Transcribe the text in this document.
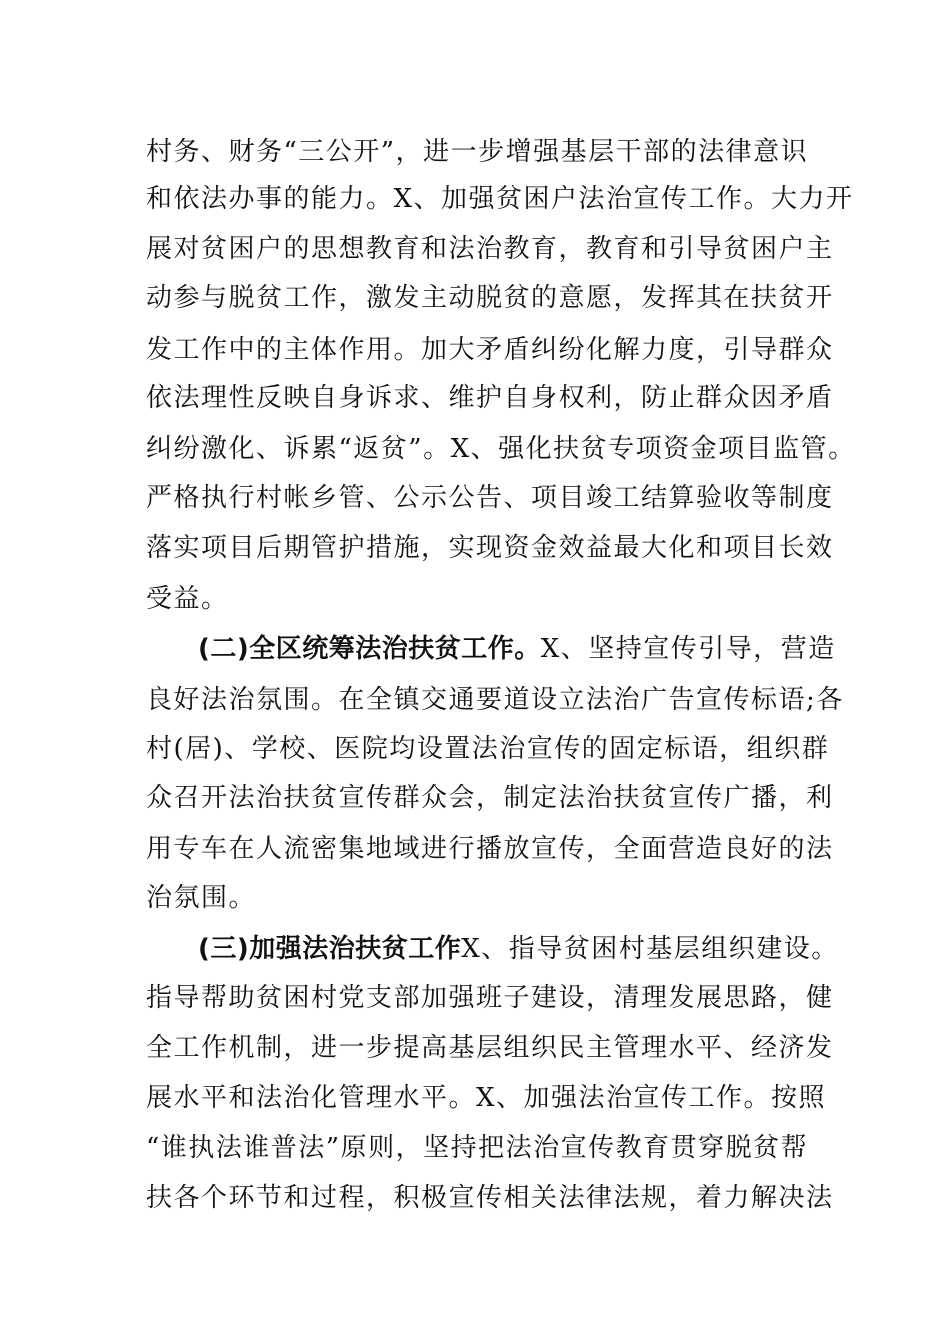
村务、财务“三公开”，进一步增强基层干部的法律意识
和依法办事的能力。X、加强贫困户法治宣传工作。大力开
展对贫困户的思想教育和法治教育，教育和引导贫困户主
动参与脱贫工作，激发主动脱贫的意愿，发挥其在扶贫开
发工作中的主体作用。加大矛盾纠纷化解力度，引导群众
依法理性反映自身诉求、维护自身权利，防止群众因矛盾
纠纷激化、诉累“返贫”。X、强化扶贫专项资金项目监管。
严格执行村帐乡管、公示公告、项目竣工结算验收等制度
落实项目后期管护措施，实现资金效益最大化和项目长效
受益。
(二)全区统筹法治扶贫工作。X、坚持宣传引导，营造
良好法治氛围。在全镇交通要道设立法治广告宣传标语;各
村(居)、学校、医院均设置法治宣传的固定标语，组织群
众召开法治扶贫宣传群众会，制定法治扶贫宣传广播，利
用专车在人流密集地域进行播放宣传，全面营造良好的法
治氛围。
(三)加强法治扶贫工作X、指导贫困村基层组织建设。
指导帮助贫困村党支部加强班子建设，清理发展思路，健
全工作机制，进一步提高基层组织民主管理水平、经济发
展水平和法治化管理水平。X、加强法治宣传工作。按照
“谁执法谁普法”原则，坚持把法治宣传教育贯穿脱贫帮
扶各个环节和过程，积极宣传相关法律法规，着力解决法
